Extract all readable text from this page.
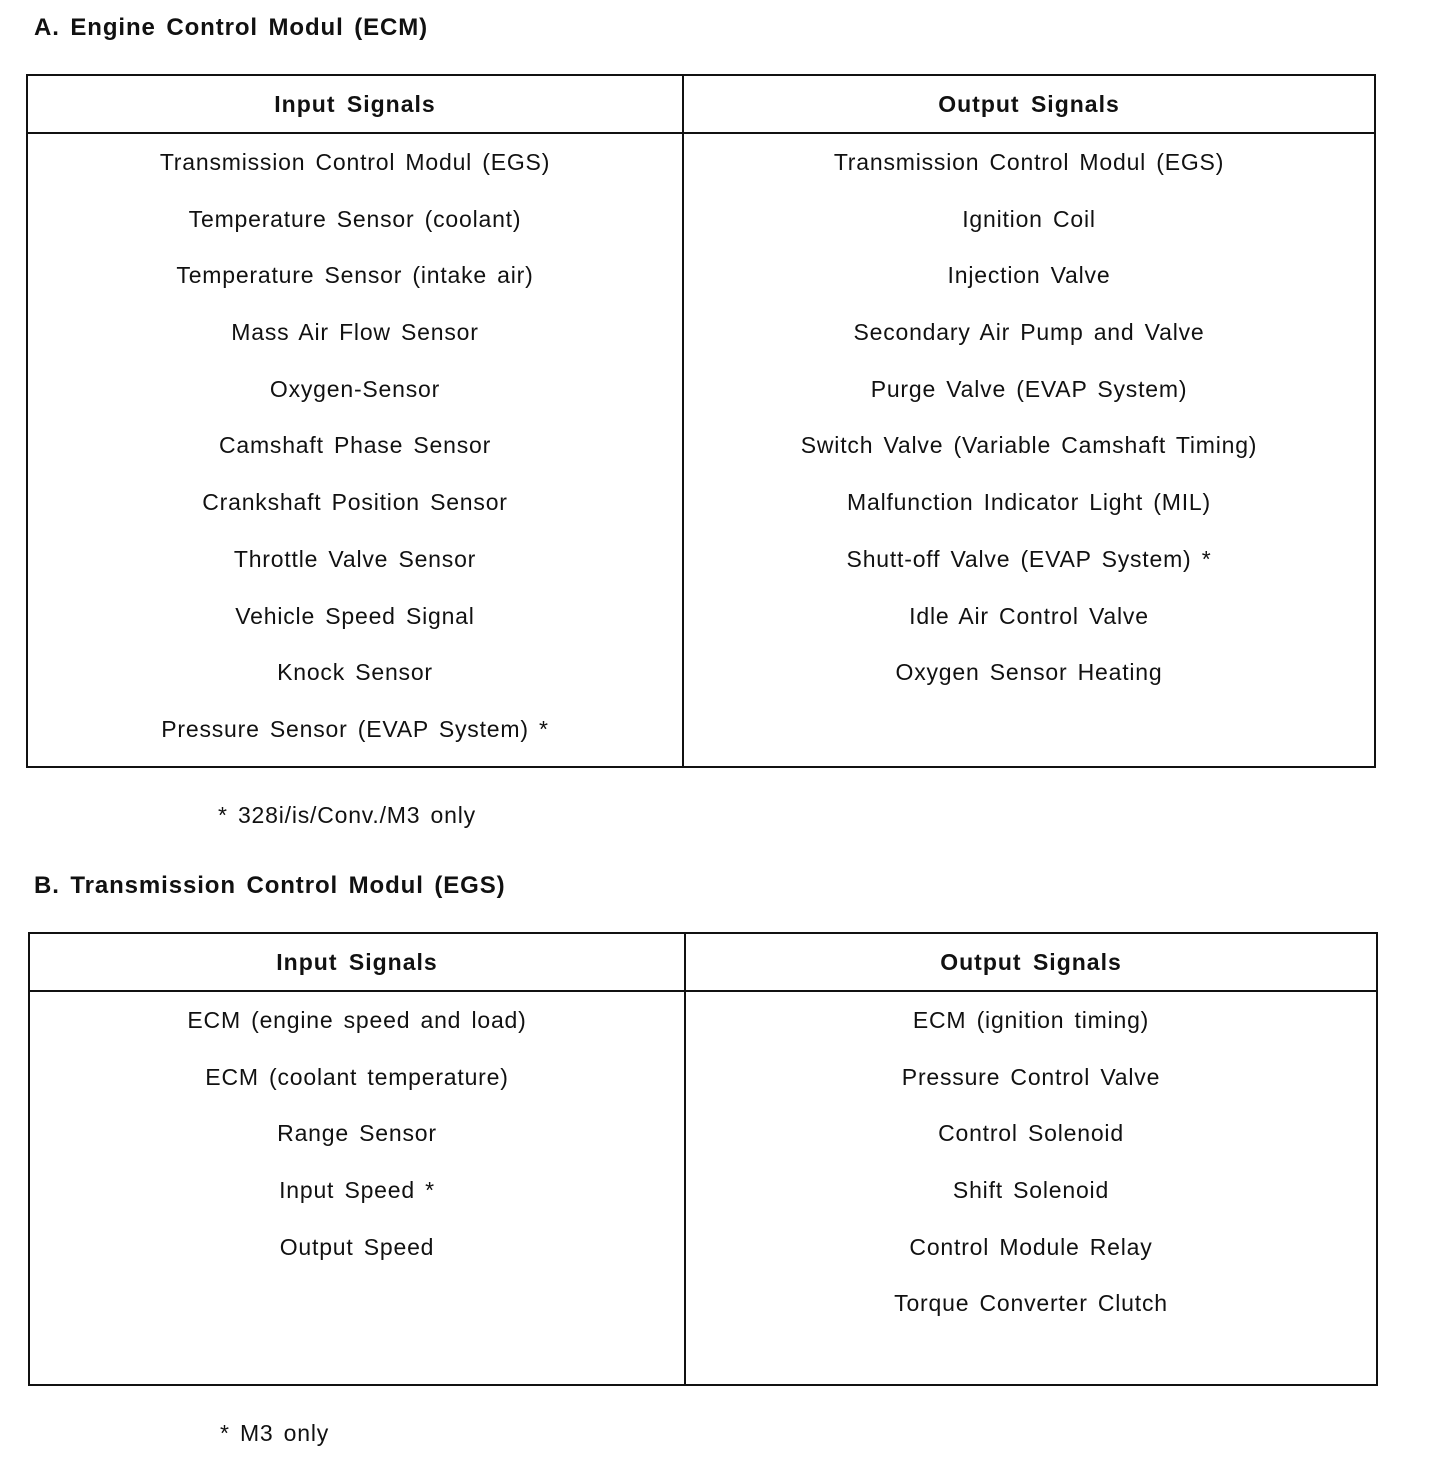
A. Engine Control Modul (ECM)
Input Signals
Transmission Control Modul (EGS)
Temperature Sensor (coolant)
Temperature Sensor (intake air)
Mass Air Flow Sensor
Oxygen-Sensor
Camshaft Phase Sensor
Crankshaft Position Sensor
Throttle Valve Sensor
Vehicle Speed Signal
Knock Sensor
Pressure Sensor (EVAP System) *
Output Signals
Transmission Control Modul (EGS)
Ignition Coil
Injection Valve
Secondary Air Pump and Valve
Purge Valve (EVAP System)
Switch Valve (Variable Camshaft Timing)
Malfunction Indicator Light (MIL)
Shutt-off Valve (EVAP System) *
Idle Air Control Valve
Oxygen Sensor Heating
* 328i/is/Conv./M3 only
B. Transmission Control Modul (EGS)
Input Signals
ECM (engine speed and load)
ECM (coolant temperature)
Range Sensor
Input Speed *
Output Speed
Output Signals
ECM (ignition timing)
Pressure Control Valve
Control Solenoid
Shift Solenoid
Control Module Relay
Torque Converter Clutch
* M3 only
